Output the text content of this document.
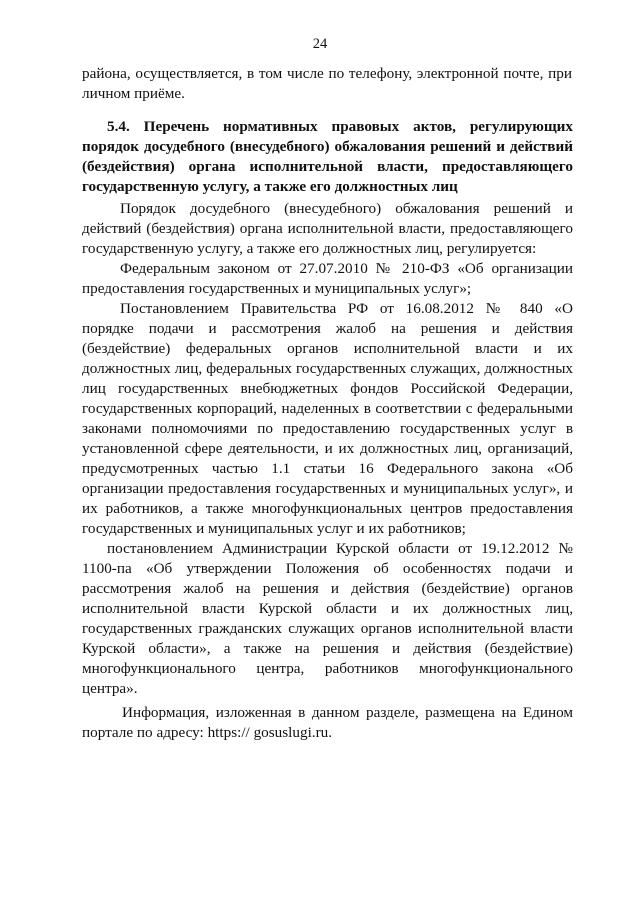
24
района, осуществляется, в том числе по телефону, электронной почте, при
личном приёме.
5.4. Перечень нормативных правовых актов, регулирующих
порядок досудебного (внесудебного) обжалования решений и действий
(бездействия) органа исполнительной власти, предоставляющего
государственную услугу, а также его должностных лиц
Порядок досудебного (внесудебного) обжалования решений и
действий (бездействия) органа исполнительной власти, предоставляющего
государственную услугу, а также его должностных лиц, регулируется:
Федеральным законом от 27.07.2010 № 210-ФЗ «Об организации
предоставления государственных и муниципальных услуг»;
Постановлением Правительства РФ от 16.08.2012 № 840 «О
порядке подачи и рассмотрения жалоб на решения и действия
(бездействие) федеральных органов исполнительной власти и их
должностных лиц, федеральных государственных служащих, должностных
лиц государственных внебюджетных фондов Российской Федерации,
государственных корпораций, наделенных в соответствии с федеральными
законами полномочиями по предоставлению государственных услуг в
установленной сфере деятельности, и их должностных лиц, организаций,
предусмотренных частью 1.1 статьи 16 Федерального закона «Об
организации предоставления государственных и муниципальных услуг», и
их работников, а также многофункциональных центров предоставления
государственных и муниципальных услуг и их работников;
постановлением Администрации Курской области от 19.12.2012 №
1100-па «Об утверждении Положения об особенностях подачи и
рассмотрения жалоб на решения и действия (бездействие) органов
исполнительной власти Курской области и их должностных лиц,
государственных гражданских служащих органов исполнительной власти
Курской области», а также на решения и действия (бездействие)
многофункционального центра, работников многофункционального
центра».
Информация, изложенная в данном разделе, размещена на Едином
портале по адресу: https:// gosuslugi.ru.
